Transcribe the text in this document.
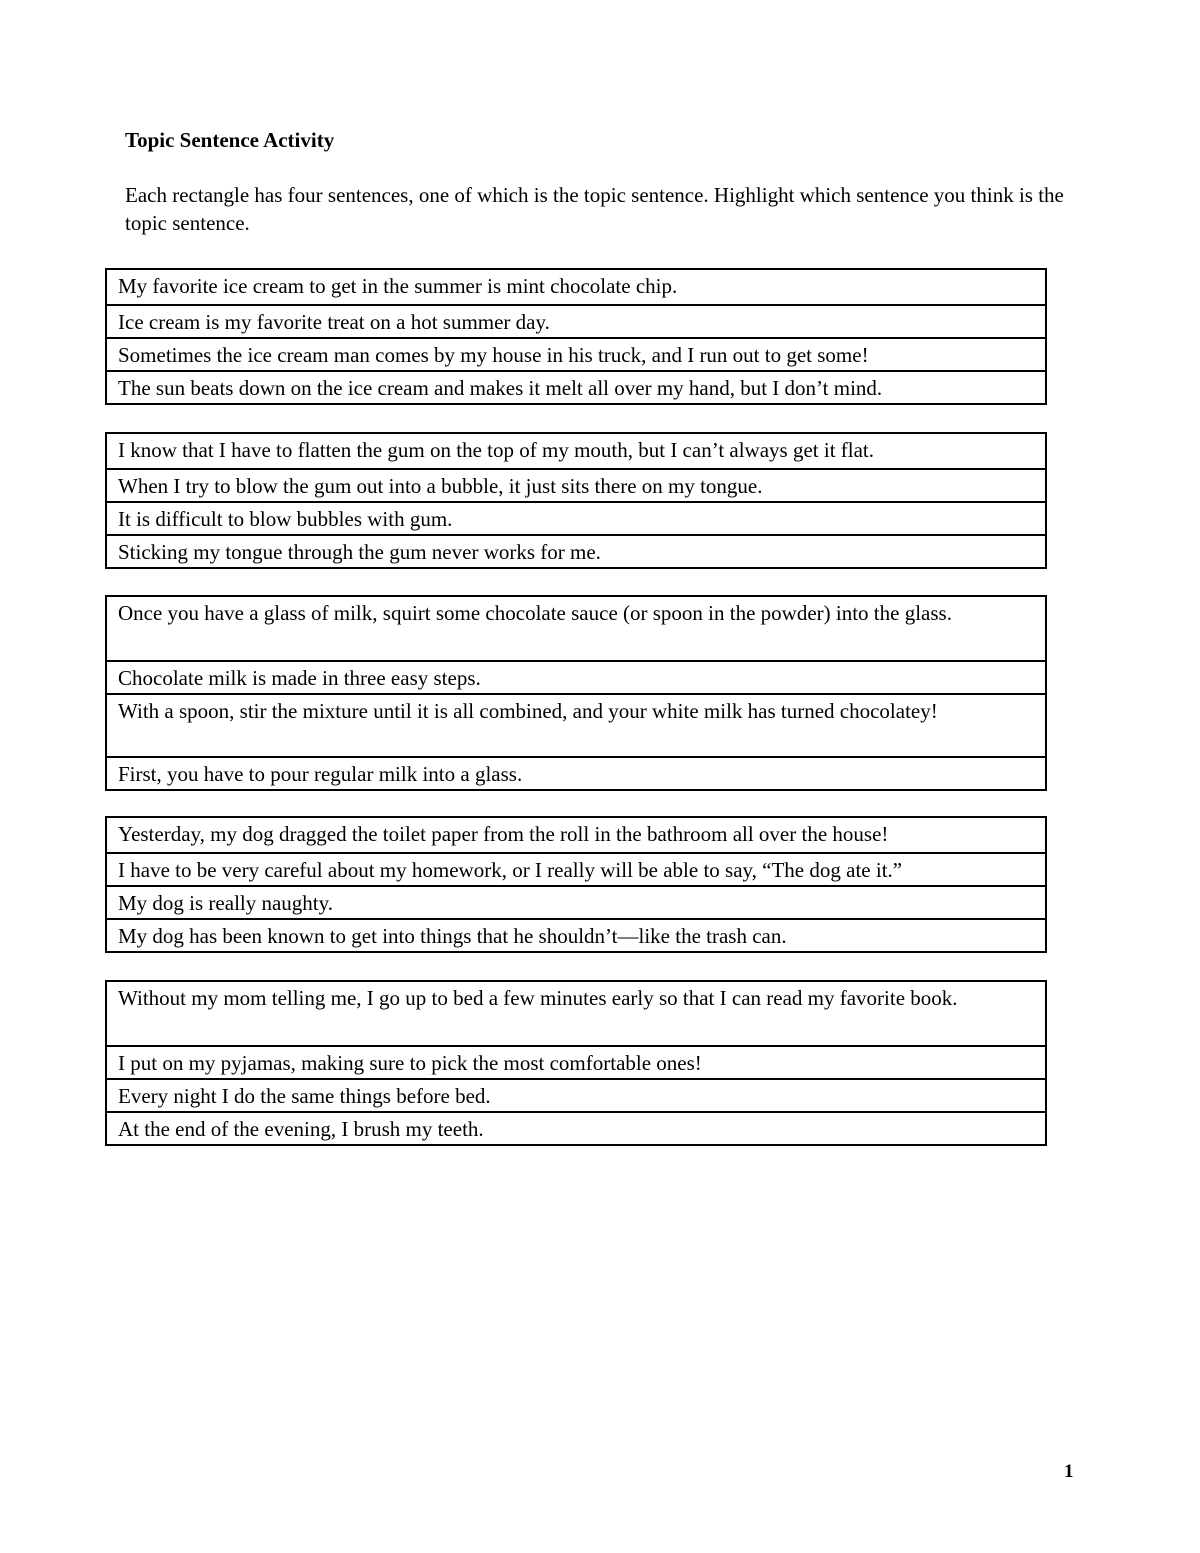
Topic Sentence Activity

Each rectangle has four sentences, one of which is the topic sentence. Highlight which sentence you think is the topic sentence.

My favorite ice cream to get in the summer is mint chocolate chip.
Ice cream is my favorite treat on a hot summer day.
Sometimes the ice cream man comes by my house in his truck, and I run out to get some!
The sun beats down on the ice cream and makes it melt all over my hand, but I don’t mind.
I know that I have to flatten the gum on the top of my mouth, but I can’t always get it flat.
When I try to blow the gum out into a bubble, it just sits there on my tongue.
It is difficult to blow bubbles with gum.
Sticking my tongue through the gum never works for me.
Once you have a glass of milk, squirt some chocolate sauce (or spoon in the powder) into the glass.
Chocolate milk is made in three easy steps.
With a spoon, stir the mixture until it is all combined, and your white milk has turned chocolatey!
First, you have to pour regular milk into a glass.
Yesterday, my dog dragged the toilet paper from the roll in the bathroom all over the house!
I have to be very careful about my homework, or I really will be able to say, “The dog ate it.”
My dog is really naughty.
My dog has been known to get into things that he shouldn’t—like the trash can.
Without my mom telling me, I go up to bed a few minutes early so that I can read my favorite book.
I put on my pyjamas, making sure to pick the most comfortable ones!
Every night I do the same things before bed.
At the end of the evening, I brush my teeth.
1
